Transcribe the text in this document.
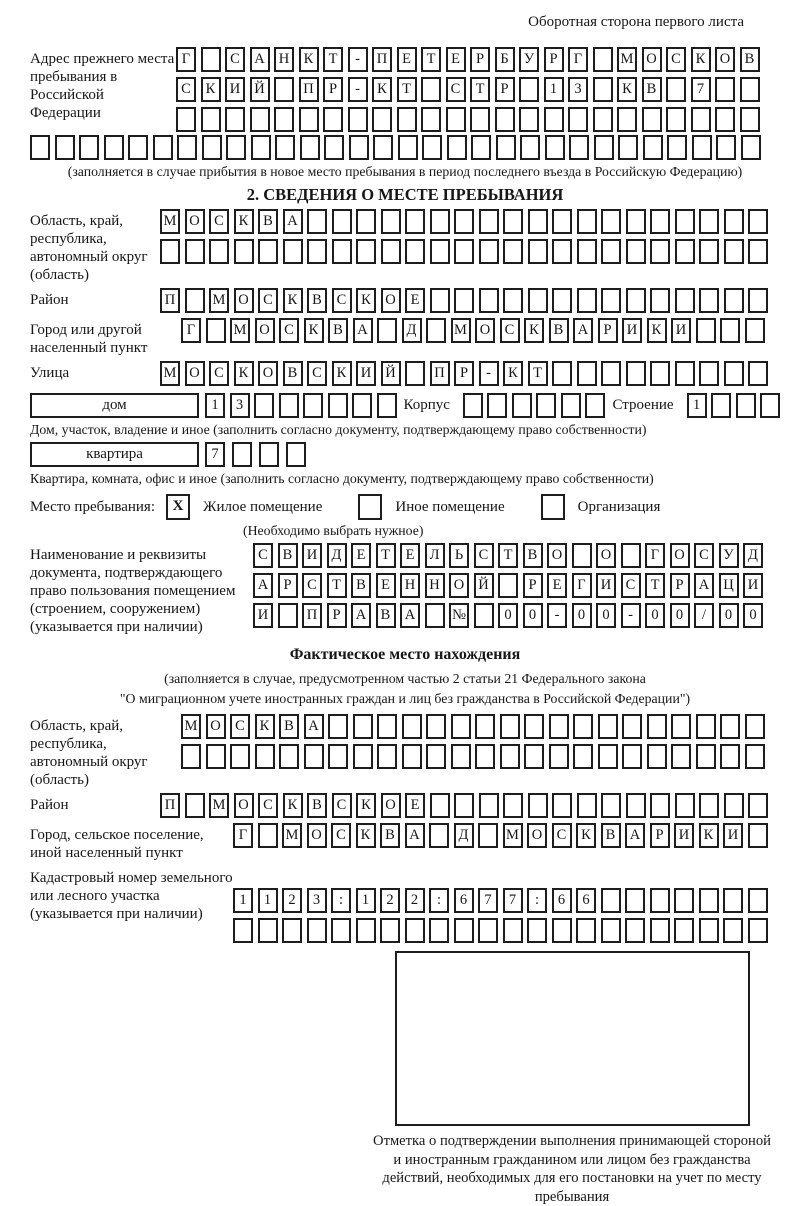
Оборотная сторона первого листа
Адрес прежнего места пребывания в Российской Федерации
Г	С А Н К	Т	-	П	Е	Т	Е	Р	Б	У	Р	Г	М О С	К О В
С	К И Й	П	Р	-	К	Т	С	Т	Р	1	3	К	В	7
(заполняется в случае прибытия в новое место пребывания в период последнего въезда в Российскую Федерацию)
2. СВЕДЕНИЯ О МЕСТЕ ПРЕБЫВАНИЯ
Область, край, республика, автономный округ (область)
М О С	К	В А
Район	П	М О С	К	В	С	К О	Е
Город или другой населенный пункт
Г	М О С	К	В А	Д	М О С	К	В А	Р	И К И
Улица	М О С	К О В	С	К И Й	П	Р	-	К	Т
дом	1	3	Корпус	Строение	1
Дом, участок, владение и иное (заполнить согласно документу, подтверждающему право собственности)
квартира	7
Квартира, комната, офис и иное (заполнить согласно документу, подтверждающему право собственности)
Место пребывания:	X	Жилое помещение	Иное помещение	Организация
(Необходимо выбрать нужное)
Наименование и реквизиты документа, подтверждающего право пользования помещением (строением, сооружением) (указывается при наличии)
С	В И Д	Е	Т	Е	Л	Ь	С	Т	В О	О	Г	О С	У Д
А	Р	С	Т	В	Е	Н Н О Й	Р	Е	Г	И С	Т	Р	А Ц И
И	П	Р	А В А	№	0	0	-	0	0	-	0	0	/	0	0
Фактическое место нахождения
(заполняется в случае, предусмотренном частью 2 статьи 21 Федерального закона
"О миграционном учете иностранных граждан и лиц без гражданства в Российской Федерации")
Область, край, республика, автономный округ (область)
М О С	К	В А
Район	П	М О С	К	В	С	К О	Е
Город, сельское поселение, иной населенный пункт
Г	М О С	К	В А	Д	М О С	К	В А	Р	И К И
Кадастровый номер земельного или лесного участка (указывается при наличии)
1	1	2	3	:	1	2	2	:	6	7	7	:	6	6
Отметка о подтверждении выполнения принимающей стороной и иностранным гражданином или лицом без гражданства действий, необходимых для его постановки на учет по месту пребывания
